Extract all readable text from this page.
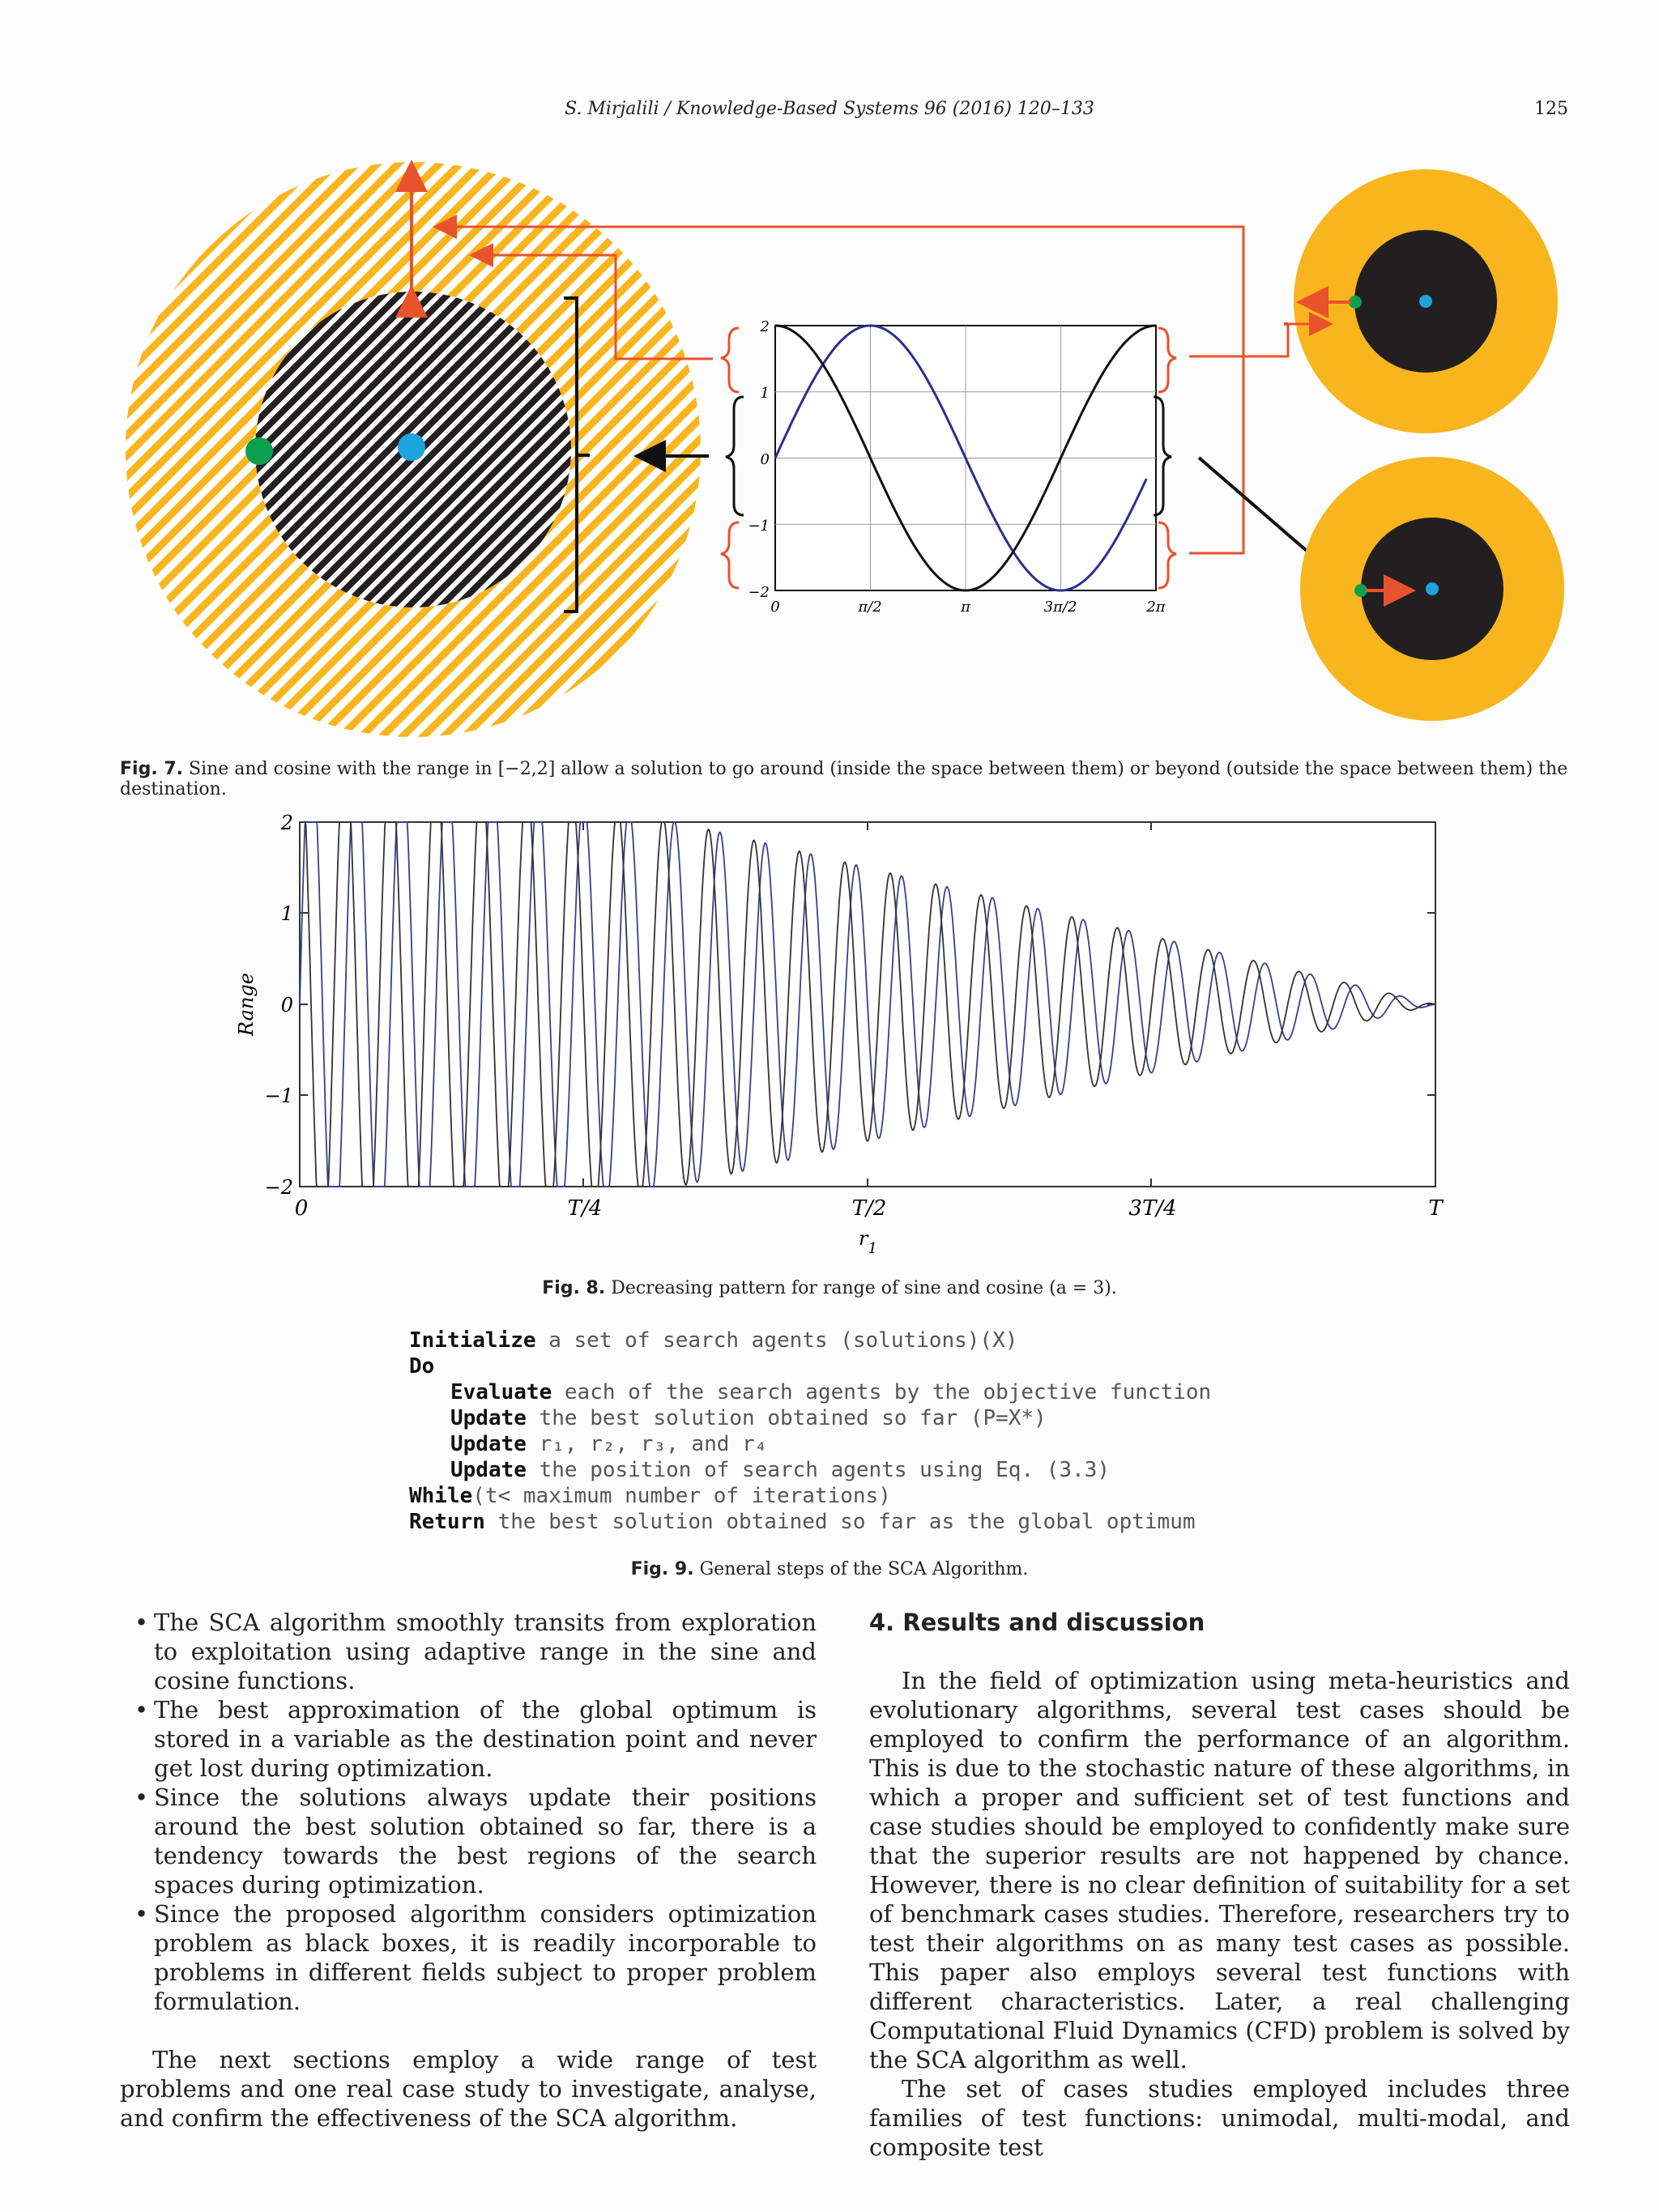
S. Mirjalili / Knowledge-Based Systems 96 (2016) 120–133	125
2
1
0
−1
−2
0	π/2	π	3π/2	2π
Fig. 7. Sine and cosine with the range in [−2,2] allow a solution to go around (inside the space between them) or beyond (outside the space between them) the destination.
2
1
0
−1
−2
0	T/4	T/2	3T/4	T
$r_1$
Range
Fig. 8. Decreasing pattern for range of sine and cosine (a = 3).
Initialize a set of search agents (solutions)(X)
Do
Evaluate each of the search agents by the objective function
Update the best solution obtained so far (P=X*)
Update r₁, r₂, r₃, and r₄
Update the position of search agents using Eq. (3.3)
While(t< maximum number of iterations)
Return the best solution obtained so far as the global optimum
Fig. 9. General steps of the SCA Algorithm.
• The SCA algorithm smoothly transits from exploration to exploitation using adaptive range in the sine and cosine functions.
• The best approximation of the global optimum is stored in a variable as the destination point and never get lost during optimization.
• Since the solutions always update their positions around the best solution obtained so far, there is a tendency towards the best regions of the search spaces during optimization.
• Since the proposed algorithm considers optimization problem as black boxes, it is readily incorporable to problems in different fields subject to proper problem formulation.

The next sections employ a wide range of test problems and one real case study to investigate, analyse, and confirm the effectiveness of the SCA algorithm.

4. Results and discussion

In the field of optimization using meta-heuristics and evolutionary algorithms, several test cases should be employed to confirm the performance of an algorithm. This is due to the stochastic nature of these algorithms, in which a proper and sufficient set of test functions and case studies should be employed to confidently make sure that the superior results are not happened by chance. However, there is no clear definition of suitability for a set of benchmark cases studies. Therefore, researchers try to test their algorithms on as many test cases as possible. This paper also employs several test functions with different characteristics. Later, a real challenging Computational Fluid Dynamics (CFD) problem is solved by the SCA algorithm as well.

The set of cases studies employed includes three families of test functions: unimodal, multi-modal, and composite test
